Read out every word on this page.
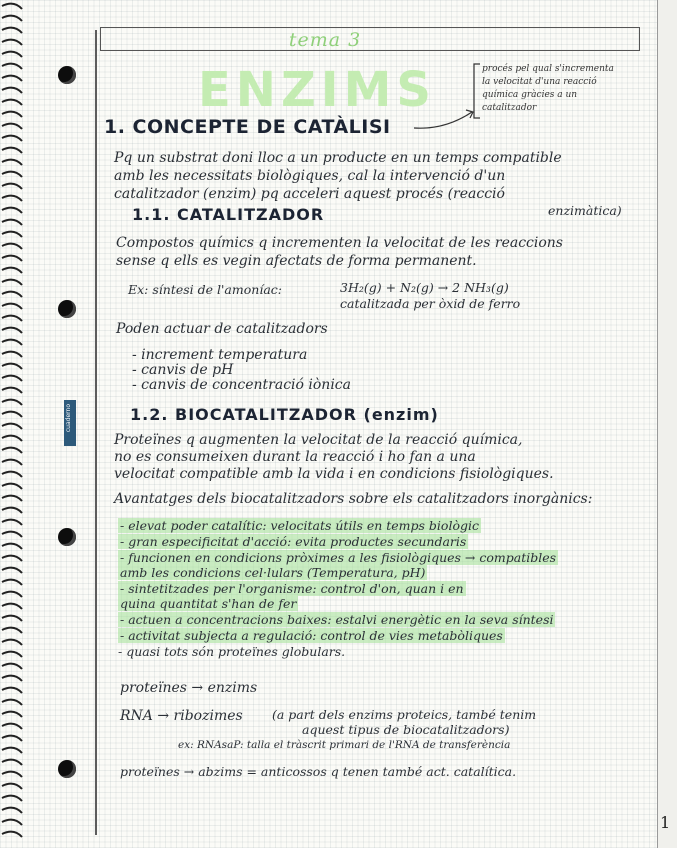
cuaderno
tema 3
ENZIMS	procés pel qual s'incrementa
la velocitat d'una reacció
química gràcies a un
catalitzador
1. CONCEPTE DE CATÀLISI
Pq un substrat doni lloc a un producte en un temps compatible
amb les necessitats biològiques, cal la intervenció d'un
catalitzador (enzim) pq acceleri aquest procés (reacció
enzimàtica)
1.1. CATALITZADOR
Compostos químics q incrementen la velocitat de les reaccions
sense q ells es vegin afectats de forma permanent.
Ex: síntesi de l'amoníac:	3H₂(g) + N₂(g) → 2 NH₃(g)
catalitzada per òxid de ferro
Poden actuar de catalitzadors
- increment temperatura
- canvis de pH
- canvis de concentració iònica
1.2. BIOCATALITZADOR (enzim)
Proteïnes q augmenten la velocitat de la reacció química,
no es consumeixen durant la reacció i ho fan a una
velocitat compatible amb la vida i en condicions fisiològiques.
Avantatges dels biocatalitzadors sobre els catalitzadors inorgànics:
- elevat poder catalític: velocitats útils en temps biològic
- gran especificitat d'acció: evita productes secundaris
- funcionen en condicions pròximes a les fisiològiques → compatibles
amb les condicions cel·lulars (Temperatura, pH)
- sintetitzades per l'organisme: control d'on, quan i en
quina quantitat s'han de fer
- actuen a concentracions baixes: estalvi energètic en la seva síntesi
- activitat subjecta a regulació: control de vies metabòliques
- quasi tots són proteïnes globulars.
proteïnes → enzims
RNA → ribozimes (a part dels enzims proteics, també tenim
aquest tipus de biocatalitzadors)
ex: RNAsaP: talla el tràscrit primari de l'RNA de transferència
proteïnes → abzims = anticossos q tenen també act. catalítica.
1
